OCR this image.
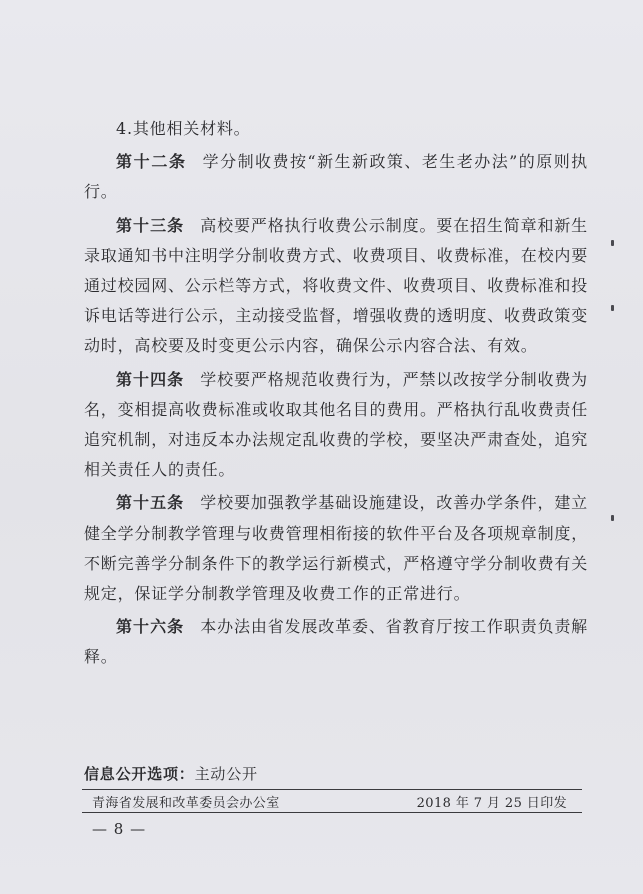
4.其他相关材料。

第十二条 学分制收费按“新生新政策、老生老办法”的原则执行。

第十三条 高校要严格执行收费公示制度。要在招生简章和新生录取通知书中注明学分制收费方式、收费项目、收费标准，在校内要通过校园网、公示栏等方式，将收费文件、收费项目、收费标准和投诉电话等进行公示，主动接受监督，增强收费的透明度、收费政策变动时，高校要及时变更公示内容，确保公示内容合法、有效。

第十四条 学校要严格规范收费行为，严禁以改按学分制收费为名，变相提高收费标准或收取其他名目的费用。严格执行乱收费责任追究机制，对违反本办法规定乱收费的学校，要坚决严肃查处，追究相关责任人的责任。

第十五条 学校要加强教学基础设施建设，改善办学条件，建立健全学分制教学管理与收费管理相衔接的软件平台及各项规章制度，不断完善学分制条件下的教学运行新模式，严格遵守学分制收费有关规定，保证学分制教学管理及收费工作的正常进行。

第十六条 本办法由省发展改革委、省教育厅按工作职责负责解释。

信息公开选项：主动公开
青海省发展和改革委员会办公室	2018 年 7 月 25 日印发
— 8 —
